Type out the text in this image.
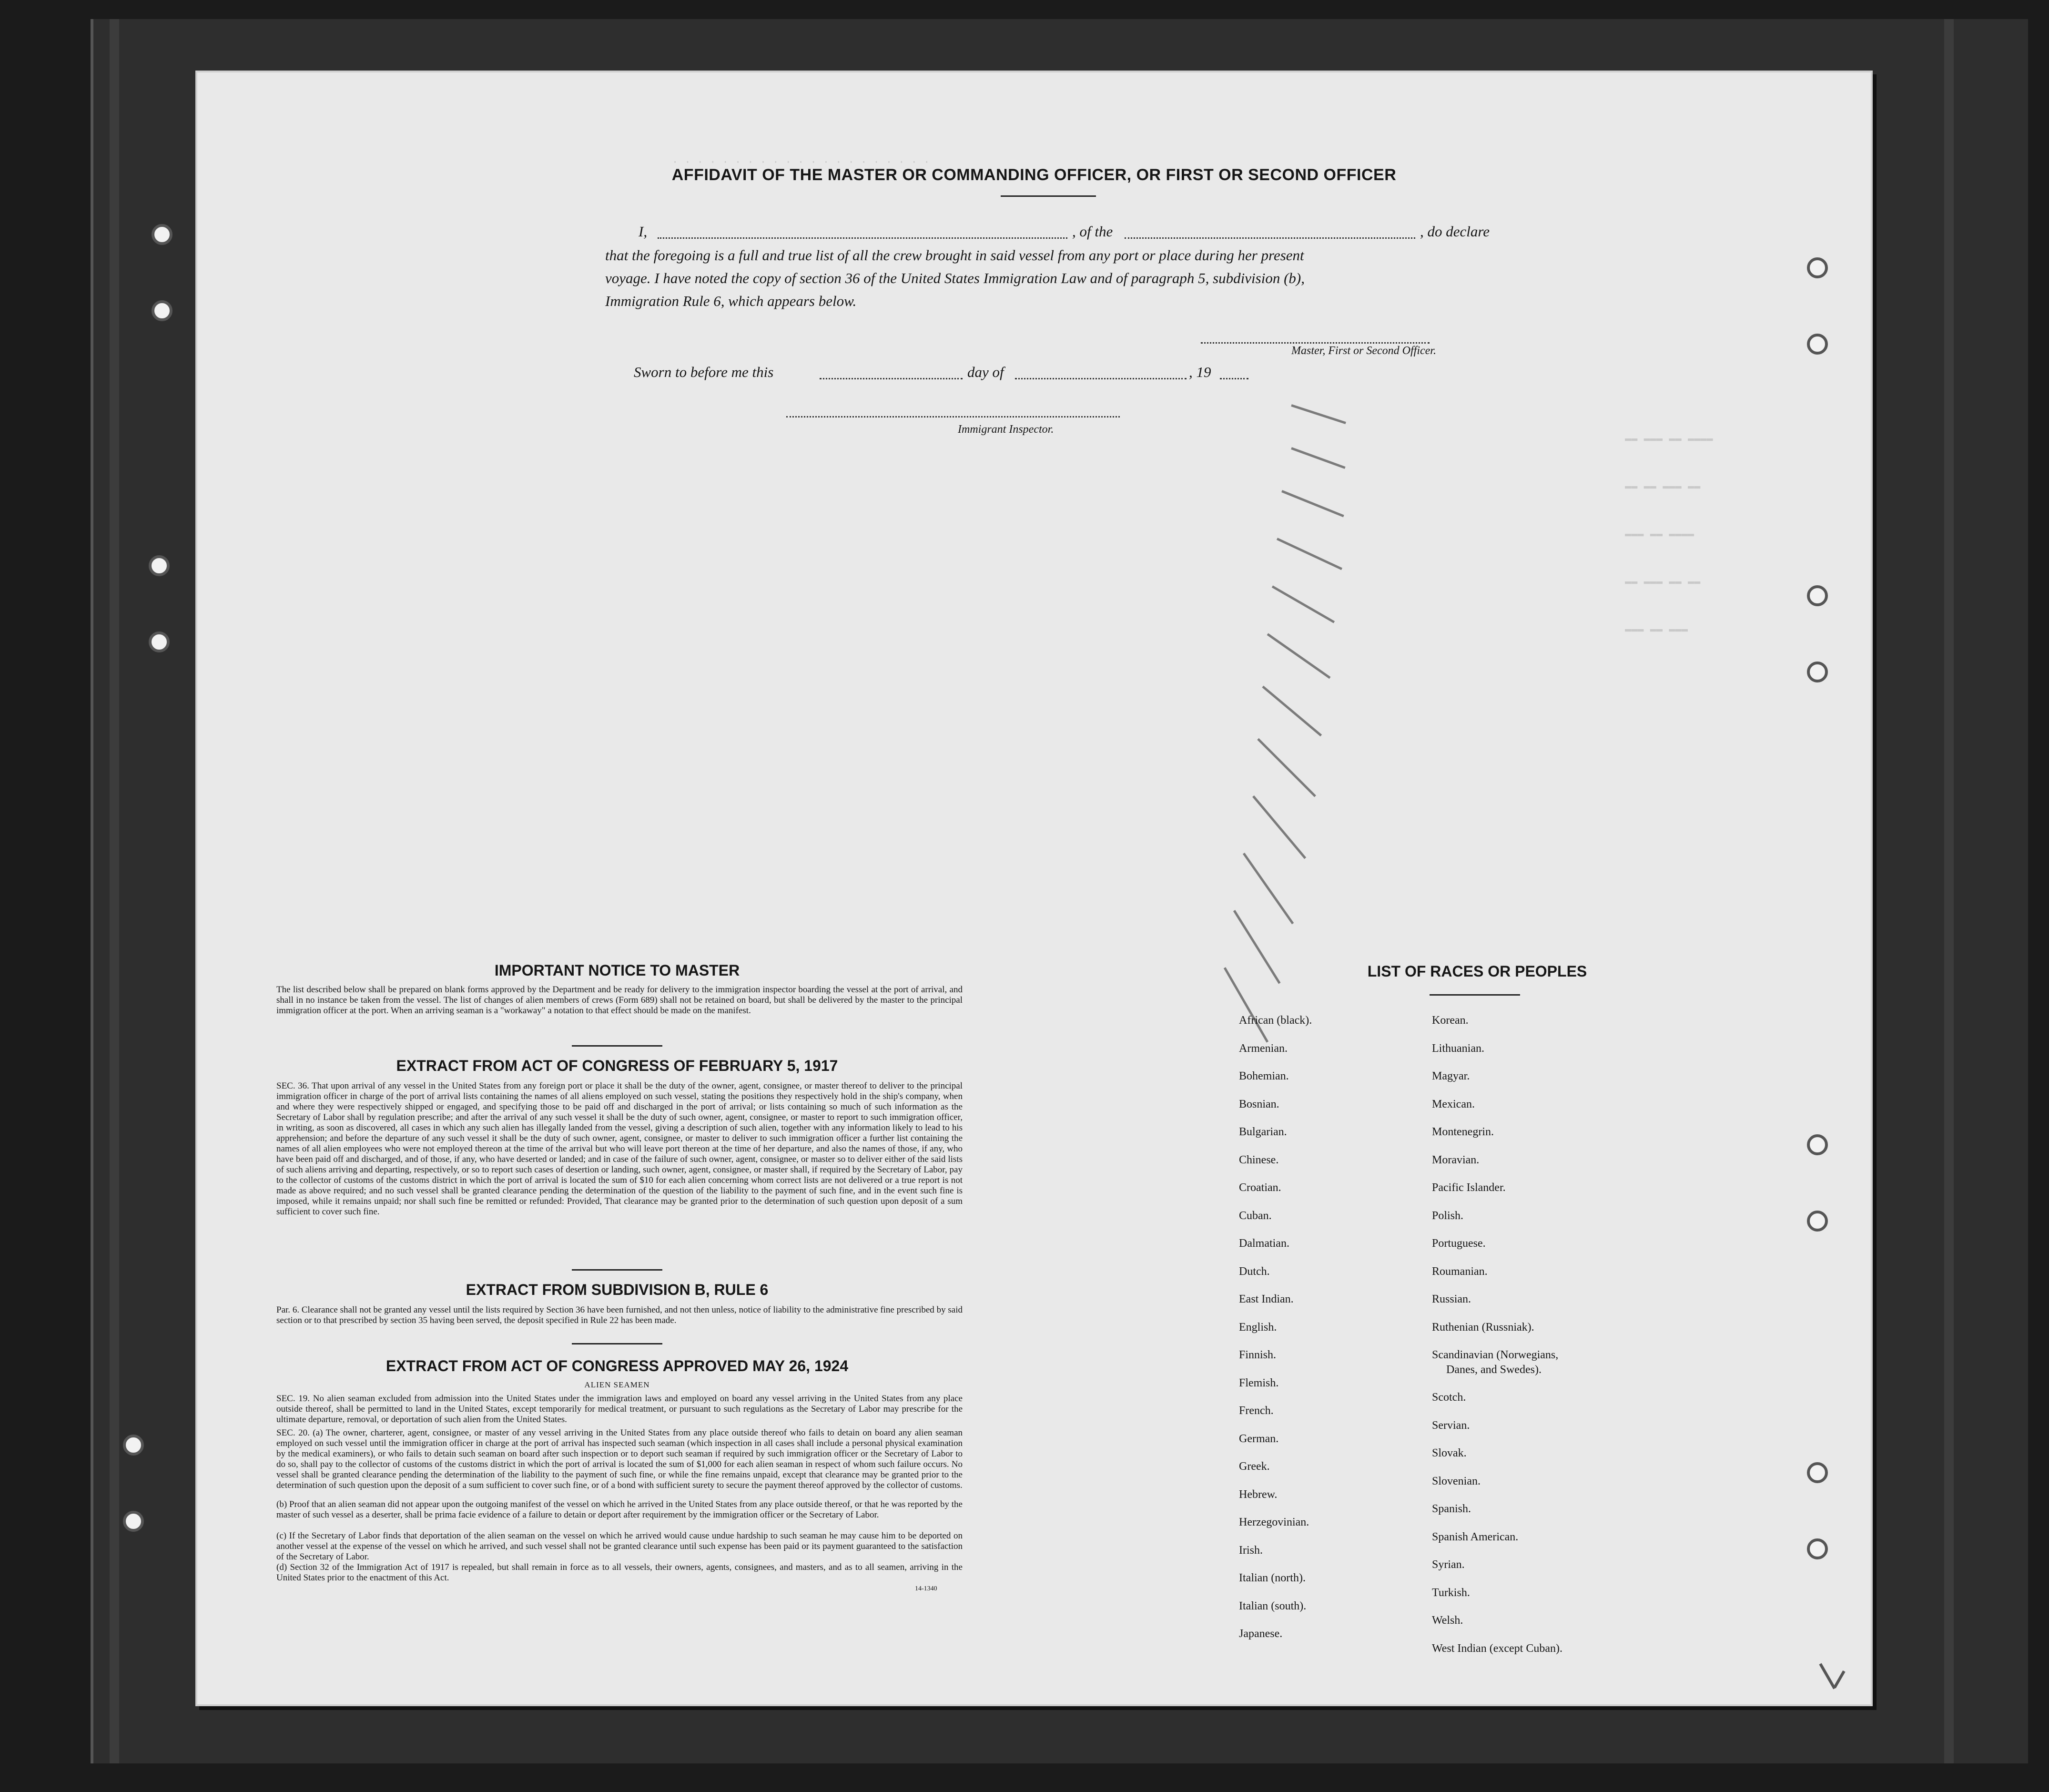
· · · · · · · · · · · · · · · · · · · · ·
▬▬ ▬▬▬ ▬▬ ▬▬▬▬
▬▬ ▬▬ ▬▬▬ ▬▬
▬▬▬ ▬▬ ▬▬▬▬
▬▬ ▬▬▬ ▬▬ ▬▬
▬▬▬ ▬▬ ▬▬▬
AFFIDAVIT OF THE MASTER OR COMMANDING OFFICER, OR FIRST OR SECOND OFFICER
I,	, of the	, do declare
that the foregoing is a full and true list of all the crew brought in said vessel from any port or place during her present
voyage. I have noted the copy of section 36 of the United States Immigration Law and of paragraph 5, subdivision (b),
Immigration Rule 6, which appears below.
Master, First or Second Officer.
Sworn to before me this	day of	, 19
Immigrant Inspector.
IMPORTANT NOTICE TO MASTER
The list described below shall be prepared on blank forms approved by the Department and be ready for delivery to the immigration inspector boarding the vessel at the port of arrival, and shall in no instance be taken from the vessel. The list of changes of alien members of crews (Form 689) shall not be retained on board, but shall be delivered by the master to the principal immigration officer at the port. When an arriving seaman is a "workaway" a notation to that effect should be made on the manifest.
EXTRACT FROM ACT OF CONGRESS OF FEBRUARY 5, 1917
SEC. 36. That upon arrival of any vessel in the United States from any foreign port or place it shall be the duty of the owner, agent, consignee, or master thereof to deliver to the principal immigration officer in charge of the port of arrival lists containing the names of all aliens employed on such vessel, stating the positions they respectively hold in the ship's company, when and where they were respectively shipped or engaged, and specifying those to be paid off and discharged in the port of arrival; or lists containing so much of such information as the Secretary of Labor shall by regulation prescribe; and after the arrival of any such vessel it shall be the duty of such owner, agent, consignee, or master to report to such immigration officer, in writing, as soon as discovered, all cases in which any such alien has illegally landed from the vessel, giving a description of such alien, together with any information likely to lead to his apprehension; and before the departure of any such vessel it shall be the duty of such owner, agent, consignee, or master to deliver to such immigration officer a further list containing the names of all alien employees who were not employed thereon at the time of the arrival but who will leave port thereon at the time of her departure, and also the names of those, if any, who have been paid off and discharged, and of those, if any, who have deserted or landed; and in case of the failure of such owner, agent, consignee, or master so to deliver either of the said lists of such aliens arriving and departing, respectively, or so to report such cases of desertion or landing, such owner, agent, consignee, or master shall, if required by the Secretary of Labor, pay to the collector of customs of the customs district in which the port of arrival is located the sum of $10 for each alien concerning whom correct lists are not delivered or a true report is not made as above required; and no such vessel shall be granted clearance pending the determination of the question of the liability to the payment of such fine, and in the event such fine is imposed, while it remains unpaid; nor shall such fine be remitted or refunded: Provided, That clearance may be granted prior to the determination of such question upon deposit of a sum sufficient to cover such fine.
EXTRACT FROM SUBDIVISION B, RULE 6
Par. 6. Clearance shall not be granted any vessel until the lists required by Section 36 have been furnished, and not then unless, notice of liability to the administrative fine prescribed by said section or to that prescribed by section 35 having been served, the deposit specified in Rule 22 has been made.
EXTRACT FROM ACT OF CONGRESS APPROVED MAY 26, 1924
ALIEN SEAMEN
SEC. 19. No alien seaman excluded from admission into the United States under the immigration laws and employed on board any vessel arriving in the United States from any place outside thereof, shall be permitted to land in the United States, except temporarily for medical treatment, or pursuant to such regulations as the Secretary of Labor may prescribe for the ultimate departure, removal, or deportation of such alien from the United States.
SEC. 20. (a) The owner, charterer, agent, consignee, or master of any vessel arriving in the United States from any place outside thereof who fails to detain on board any alien seaman employed on such vessel until the immigration officer in charge at the port of arrival has inspected such seaman (which inspection in all cases shall include a personal physical examination by the medical examiners), or who fails to detain such seaman on board after such inspection or to deport such seaman if required by such immigration officer or the Secretary of Labor to do so, shall pay to the collector of customs of the customs district in which the port of arrival is located the sum of $1,000 for each alien seaman in respect of whom such failure occurs. No vessel shall be granted clearance pending the determination of the liability to the payment of such fine, or while the fine remains unpaid, except that clearance may be granted prior to the determination of such question upon the deposit of a sum sufficient to cover such fine, or of a bond with sufficient surety to secure the payment thereof approved by the collector of customs.
(b) Proof that an alien seaman did not appear upon the outgoing manifest of the vessel on which he arrived in the United States from any place outside thereof, or that he was reported by the master of such vessel as a deserter, shall be prima facie evidence of a failure to detain or deport after requirement by the immigration officer or the Secretary of Labor.
(c) If the Secretary of Labor finds that deportation of the alien seaman on the vessel on which he arrived would cause undue hardship to such seaman he may cause him to be deported on another vessel at the expense of the vessel on which he arrived, and such vessel shall not be granted clearance until such expense has been paid or its payment guaranteed to the satisfaction of the Secretary of Labor.
(d) Section 32 of the Immigration Act of 1917 is repealed, but shall remain in force as to all vessels, their owners, agents, consignees, and masters, and as to all seamen, arriving in the United States prior to the enactment of this Act.
14-1340
LIST OF RACES OR PEOPLES
African (black).
Armenian.
Bohemian.
Bosnian.
Bulgarian.
Chinese.
Croatian.
Cuban.
Dalmatian.
Dutch.
East Indian.
English.
Finnish.
Flemish.
French.
German.
Greek.
Hebrew.
Herzegovinian.
Irish.
Italian (north).
Italian (south).
Japanese.
Korean.
Lithuanian.
Magyar.
Mexican.
Montenegrin.
Moravian.
Pacific Islander.
Polish.
Portuguese.
Roumanian.
Russian.
Ruthenian (Russniak).
Scandinavian (Norwegians,
Danes, and Swedes).
Scotch.
Servian.
Slovak.
Slovenian.
Spanish.
Spanish American.
Syrian.
Turkish.
Welsh.
West Indian (except Cuban).
